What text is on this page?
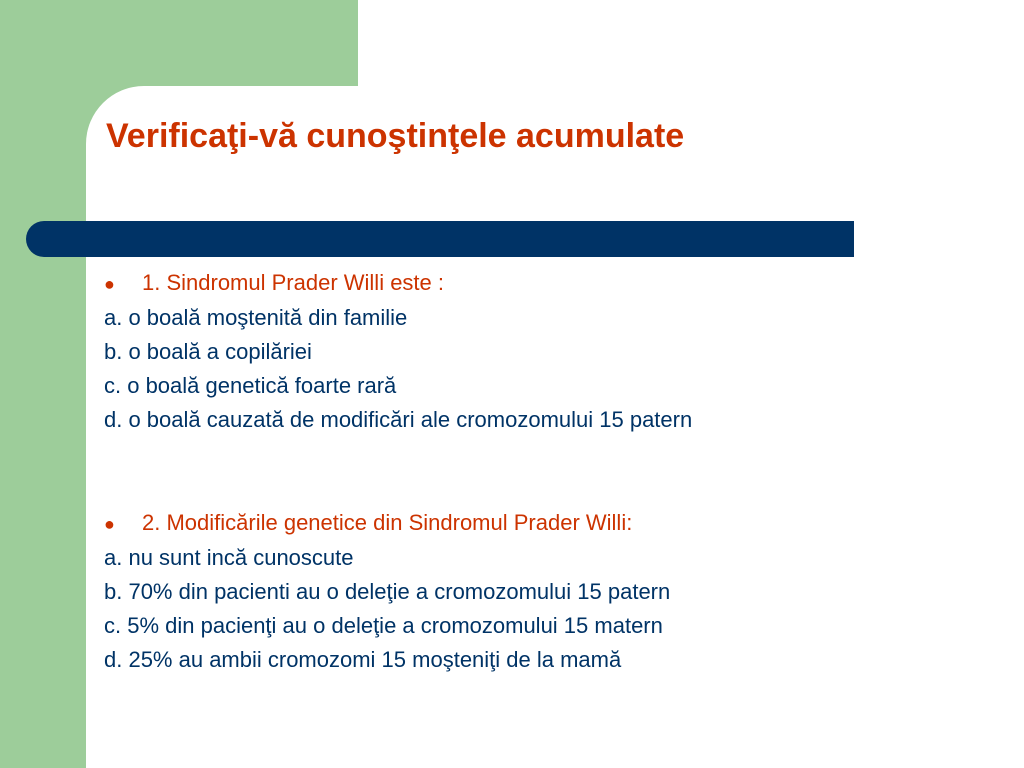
Verificaţi-vă cunoştinţele acumulate
● 1. Sindromul Prader Willi este :
a. o boală moştenită din familie
b. o boală a copilăriei
c. o boală genetică foarte rară
d. o boală cauzată de modificări ale cromozomului 15 patern
● 2. Modificările genetice din Sindromul Prader Willi:
a. nu sunt incă cunoscute
b. 70% din pacienti au o deleţie a cromozomului 15 patern
c. 5% din pacienţi au o deleţie a cromozomului 15 matern
d. 25% au ambii cromozomi 15 moşteniţi de la mamă
